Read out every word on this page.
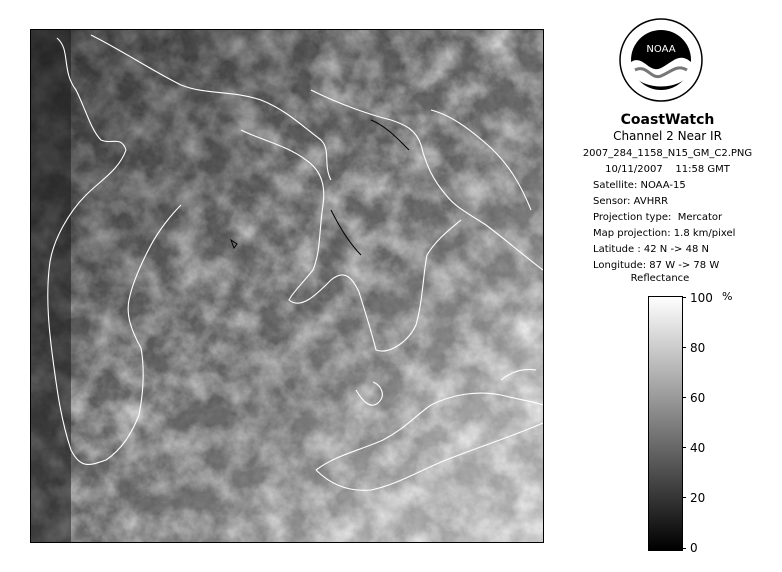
NOAA
CoastWatch
Channel 2 Near IR
2007_284_1158_N15_GM_C2.PNG
10/11/2007    11:58 GMT
Satellite: NOAA-15
Sensor: AVHRR
Projection type:  Mercator
Map projection: 1.8 km/pixel
Latitude : 42 N -> 48 N
Longitude: 87 W -> 78 W
Reflectance
%
100
80
60
40
20
0
